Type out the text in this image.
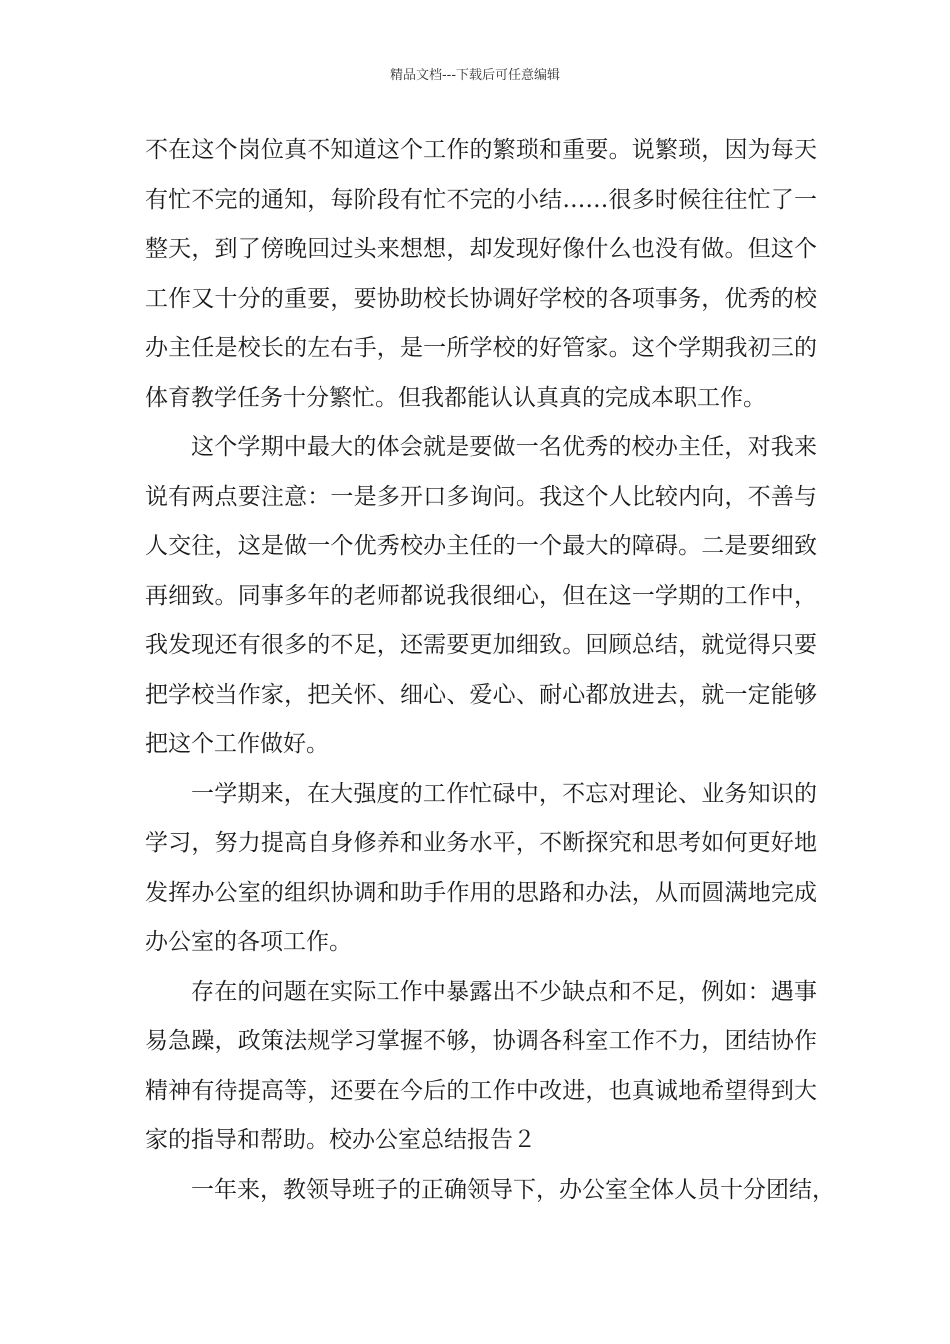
精品文档---下载后可任意编辑
不在这个岗位真不知道这个工作的繁琐和重要。说繁琐，因为每天
有忙不完的通知，每阶段有忙不完的小结……很多时候往往忙了一
整天，到了傍晚回过头来想想，却发现好像什么也没有做。但这个
工作又十分的重要，要协助校长协调好学校的各项事务，优秀的校
办主任是校长的左右手，是一所学校的好管家。这个学期我初三的
体育教学任务十分繁忙。但我都能认认真真的完成本职工作。
这个学期中最大的体会就是要做一名优秀的校办主任，对我来
说有两点要注意：一是多开口多询问。我这个人比较内向，不善与
人交往，这是做一个优秀校办主任的一个最大的障碍。二是要细致
再细致。同事多年的老师都说我很细心，但在这一学期的工作中，
我发现还有很多的不足，还需要更加细致。回顾总结，就觉得只要
把学校当作家，把关怀、细心、爱心、耐心都放进去，就一定能够
把这个工作做好。
一学期来，在大强度的工作忙碌中，不忘对理论、业务知识的
学习，努力提高自身修养和业务水平，不断探究和思考如何更好地
发挥办公室的组织协调和助手作用的思路和办法，从而圆满地完成
办公室的各项工作。
存在的问题在实际工作中暴露出不少缺点和不足，例如：遇事
易急躁，政策法规学习掌握不够，协调各科室工作不力，团结协作
精神有待提高等，还要在今后的工作中改进，也真诚地希望得到大
家的指导和帮助。校办公室总结报告２
一年来，教领导班子的正确领导下，办公室全体人员十分团结，
